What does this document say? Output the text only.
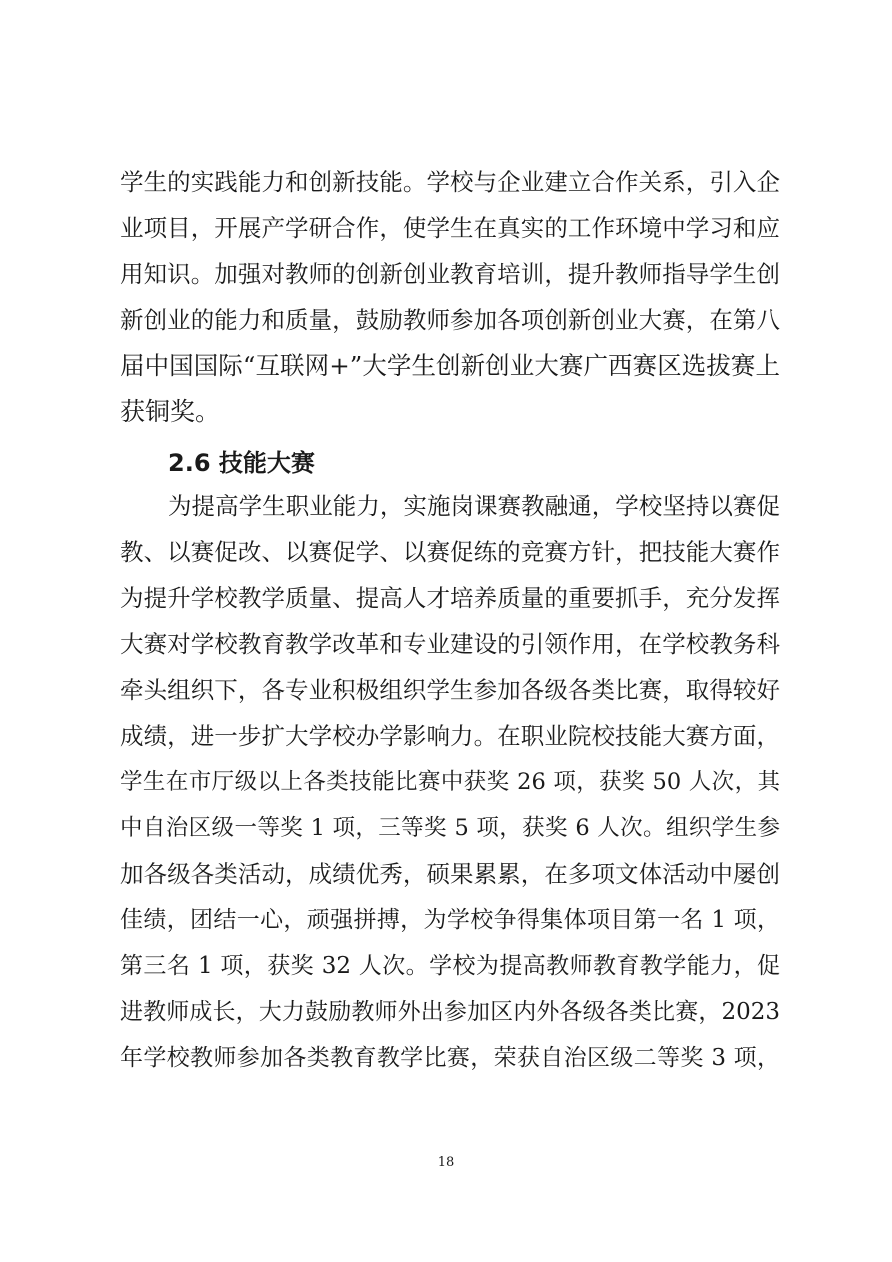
学生的实践能力和创新技能。学校与企业建立合作关系，引入企
业项目，开展产学研合作，使学生在真实的工作环境中学习和应
用知识。加强对教师的创新创业教育培训，提升教师指导学生创
新创业的能力和质量，鼓励教师参加各项创新创业大赛，在第八
届中国国际“互联网+”大学生创新创业大赛广西赛区选拔赛上
获铜奖。
2.6 技能大赛
为提高学生职业能力，实施岗课赛教融通，学校坚持以赛促
教、以赛促改、以赛促学、以赛促练的竞赛方针，把技能大赛作
为提升学校教学质量、提高人才培养质量的重要抓手，充分发挥
大赛对学校教育教学改革和专业建设的引领作用，在学校教务科
牵头组织下，各专业积极组织学生参加各级各类比赛，取得较好
成绩，进一步扩大学校办学影响力。在职业院校技能大赛方面，
学生在市厅级以上各类技能比赛中获奖 26 项，获奖 50 人次，其
中自治区级一等奖 1 项，三等奖 5 项，获奖 6 人次。组织学生参
加各级各类活动，成绩优秀，硕果累累，在多项文体活动中屡创
佳绩，团结一心，顽强拼搏，为学校争得集体项目第一名 1 项，
第三名 1 项，获奖 32 人次。学校为提高教师教育教学能力，促
进教师成长，大力鼓励教师外出参加区内外各级各类比赛，2023
年学校教师参加各类教育教学比赛，荣获自治区级二等奖 3 项，
18
